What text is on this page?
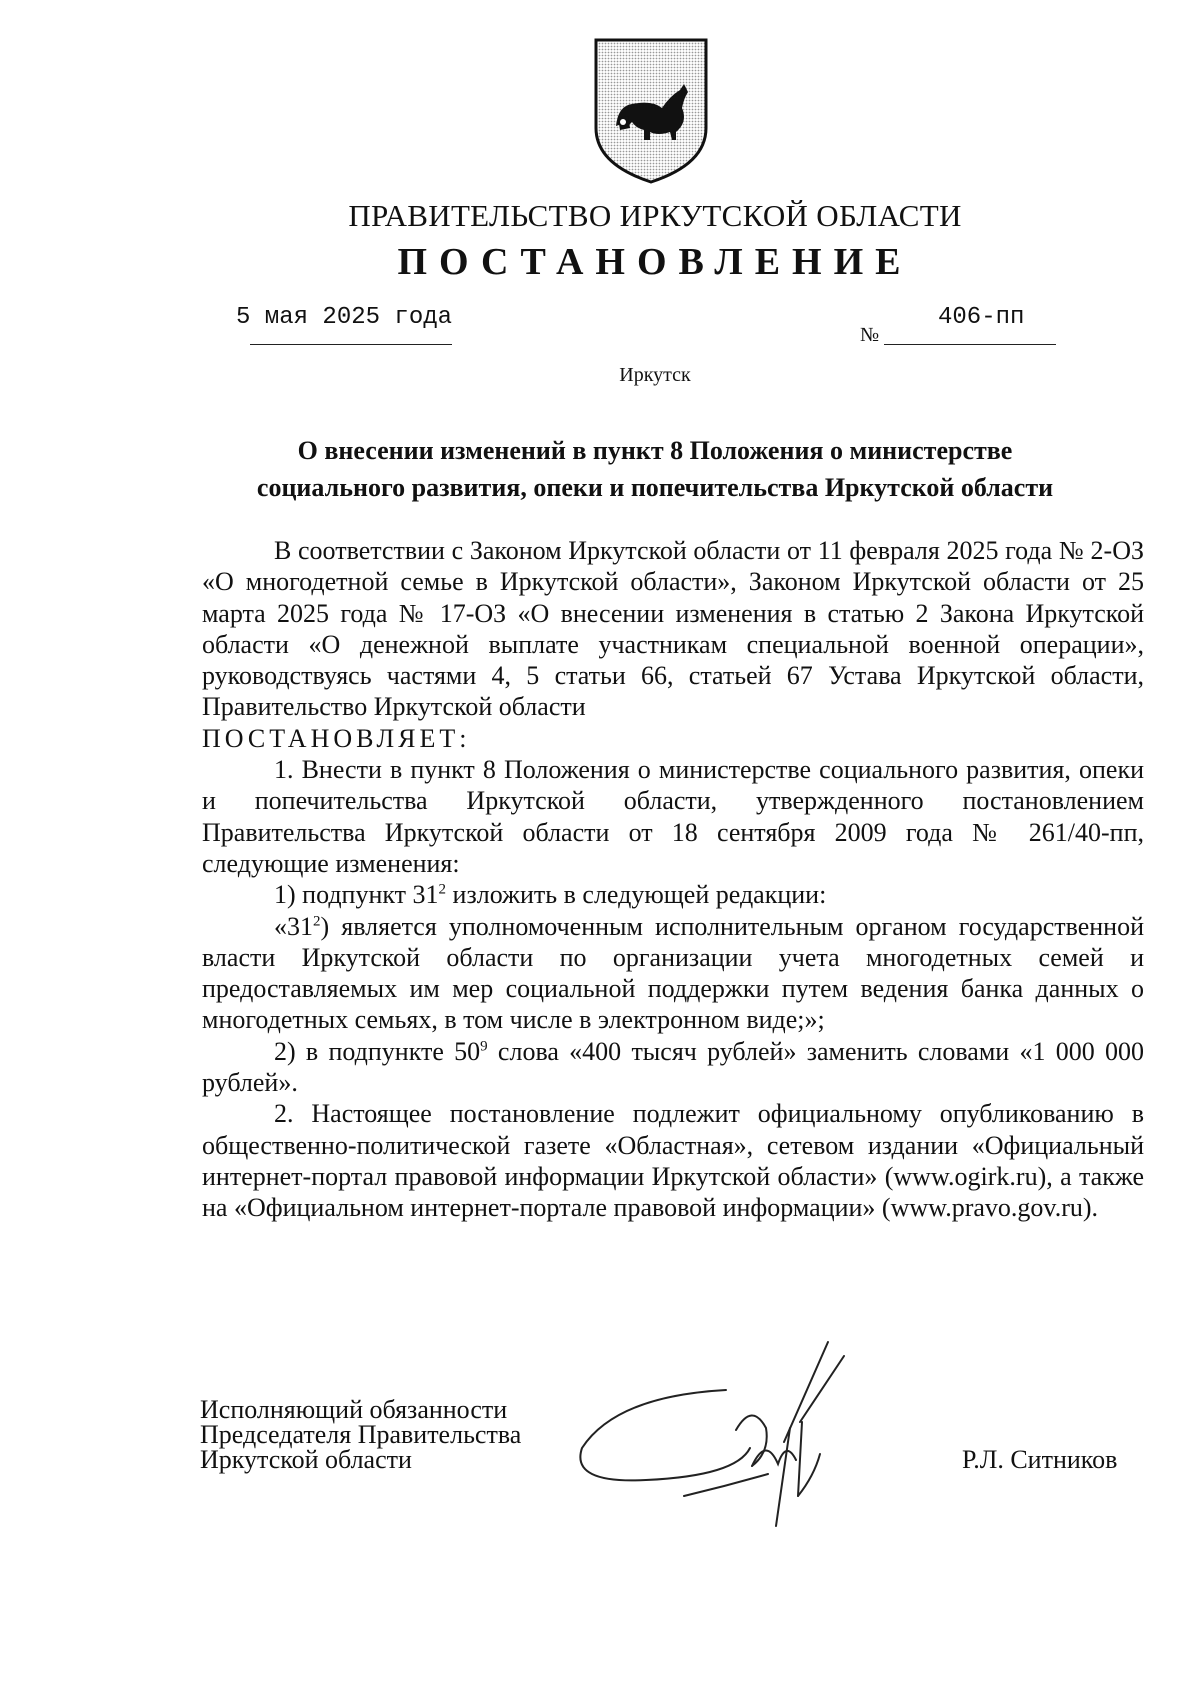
ПРАВИТЕЛЬСТВО ИРКУТСКОЙ ОБЛАСТИ
ПОСТАНОВЛЕНИЕ
5 мая 2025 года
№
406-пп
Иркутск
О внесении изменений в пункт 8 Положения о министерстве
социального развития, опеки и попечительства Иркутской области

В соответствии с Законом Иркутской области от 11 февраля 2025 года № 2-ОЗ «О многодетной семье в Иркутской области», Законом Иркутской области от 25 марта 2025 года № 17-ОЗ «О внесении изменения в статью 2 Закона Иркутской области «О денежной выплате участникам специальной военной операции», руководствуясь частями 4, 5 статьи 66, статьей 67 Устава Иркутской области, Правительство Иркутской области

ПОСТАНОВЛЯЕТ:

1. Внести в пункт 8 Положения о министерстве социального развития, опеки и попечительства Иркутской области, утвержденного постановлением Правительства Иркутской области от 18 сентября 2009 года № 261/40-пп, следующие изменения:

1) подпункт $31^2$ изложить в следующей редакции:

«$31^2$) является уполномоченным исполнительным органом государственной власти Иркутской области по организации учета многодетных семей и предоставляемых им мер социальной поддержки путем ведения банка данных о многодетных семьях, в том числе в электронном виде;»;

2) в подпункте $50^9$ слова «400 тысяч рублей» заменить словами «1 000 000 рублей».

2. Настоящее постановление подлежит официальному опубликованию в общественно-политической газете «Областная», сетевом издании «Официальный интернет-портал правовой информации Иркутской области» (www.ogirk.ru), а также на «Официальном интернет-портале правовой информации» (www.pravo.gov.ru).

Исполняющий обязанности
Председателя Правительства
Иркутской области	Р.Л. Ситников
